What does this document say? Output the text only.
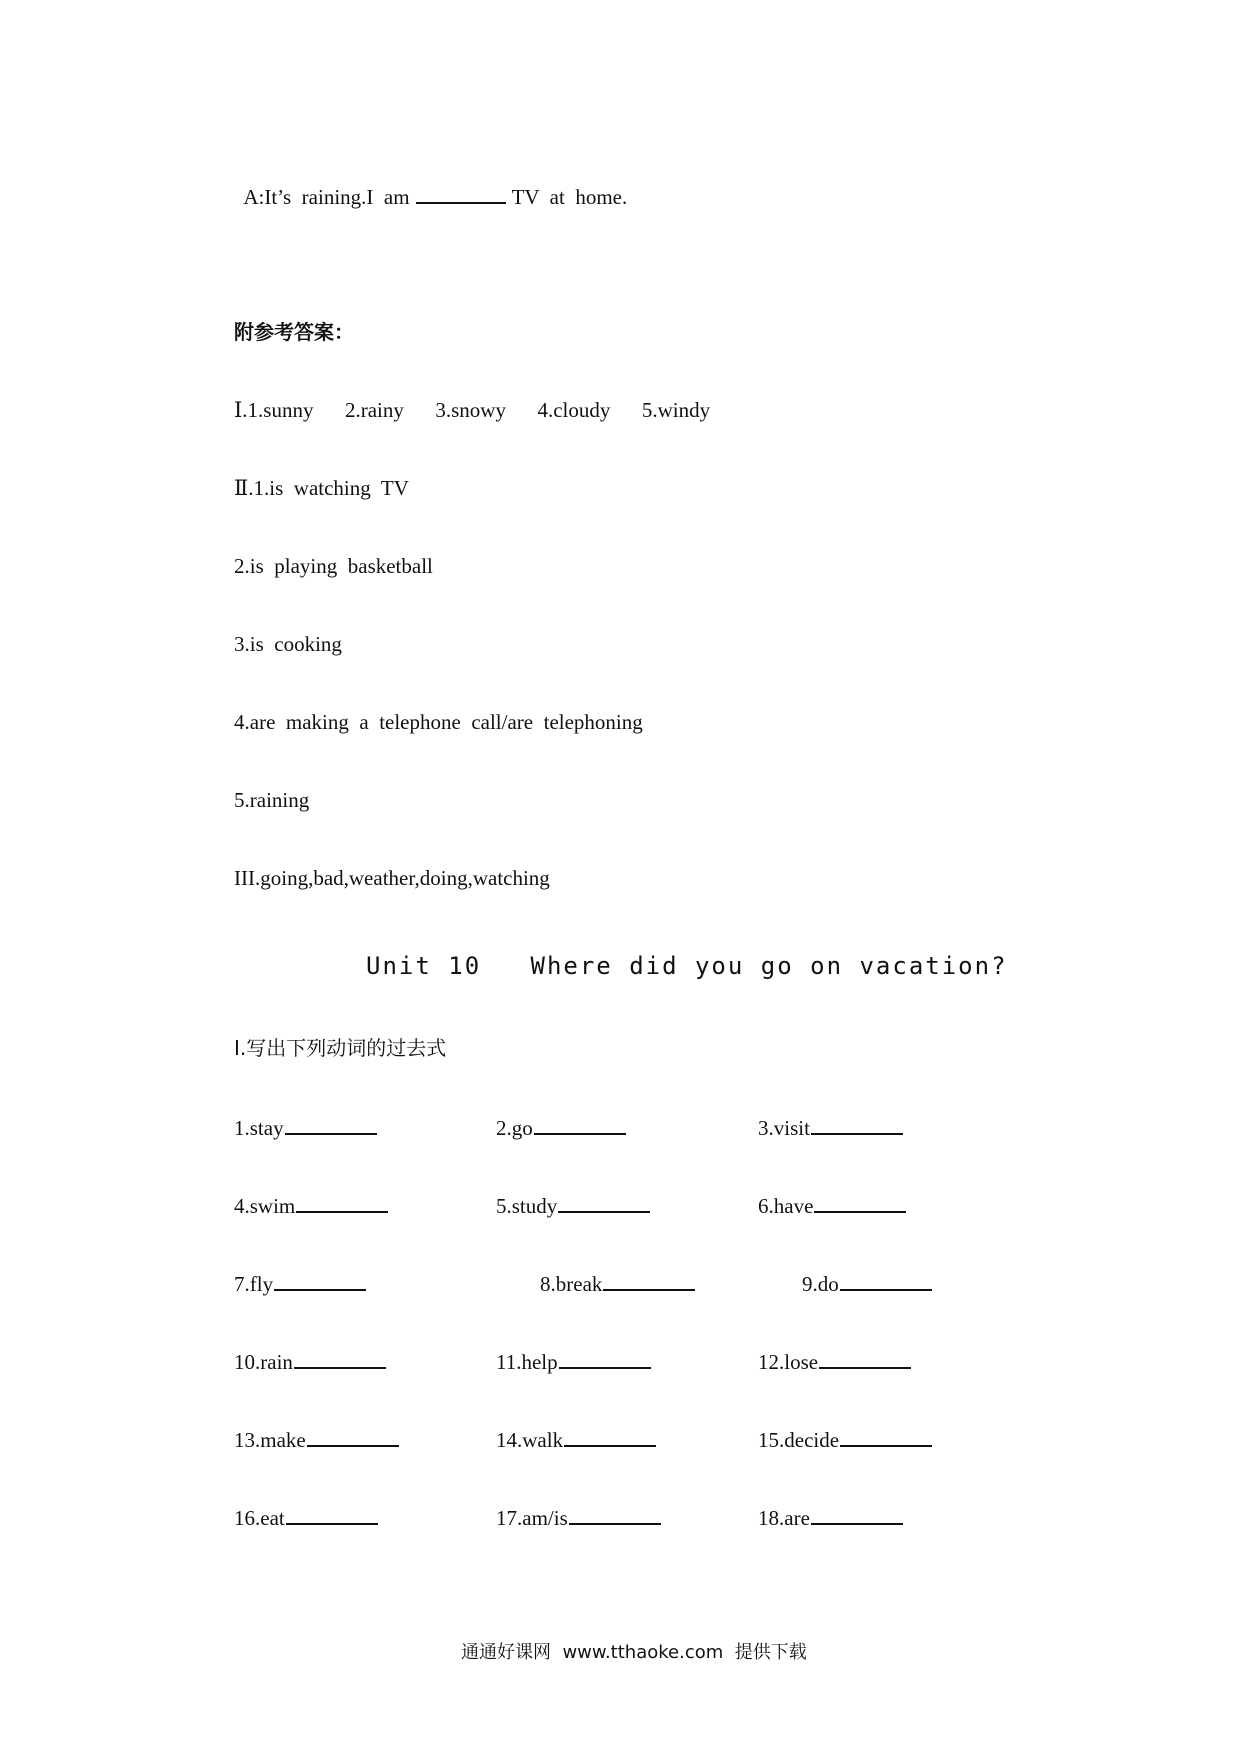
A:It’s  raining.I  am	TV  at  home.

附参考答案：
Ⅰ.1.sunny      2.rainy      3.snowy      4.cloudy      5.windy
Ⅱ.1.is  watching  TV
2.is  playing  basketball
3.is  cooking
4.are  making  a  telephone  call/are  telephoning
5.raining
III.going,bad,weather,doing,watching
Unit 10   Where did you go on vacation?
Ⅰ.写出下列动词的过去式
1.stay	2.go	3.visit
4.swim	5.study	6.have
7.fly	8.break	9.do
10.rain	11.help	12.lose
13.make	14.walk	15.decide
16.eat	17.am/is	18.are
通通好课网  www.tthaoke.com  提供下载
